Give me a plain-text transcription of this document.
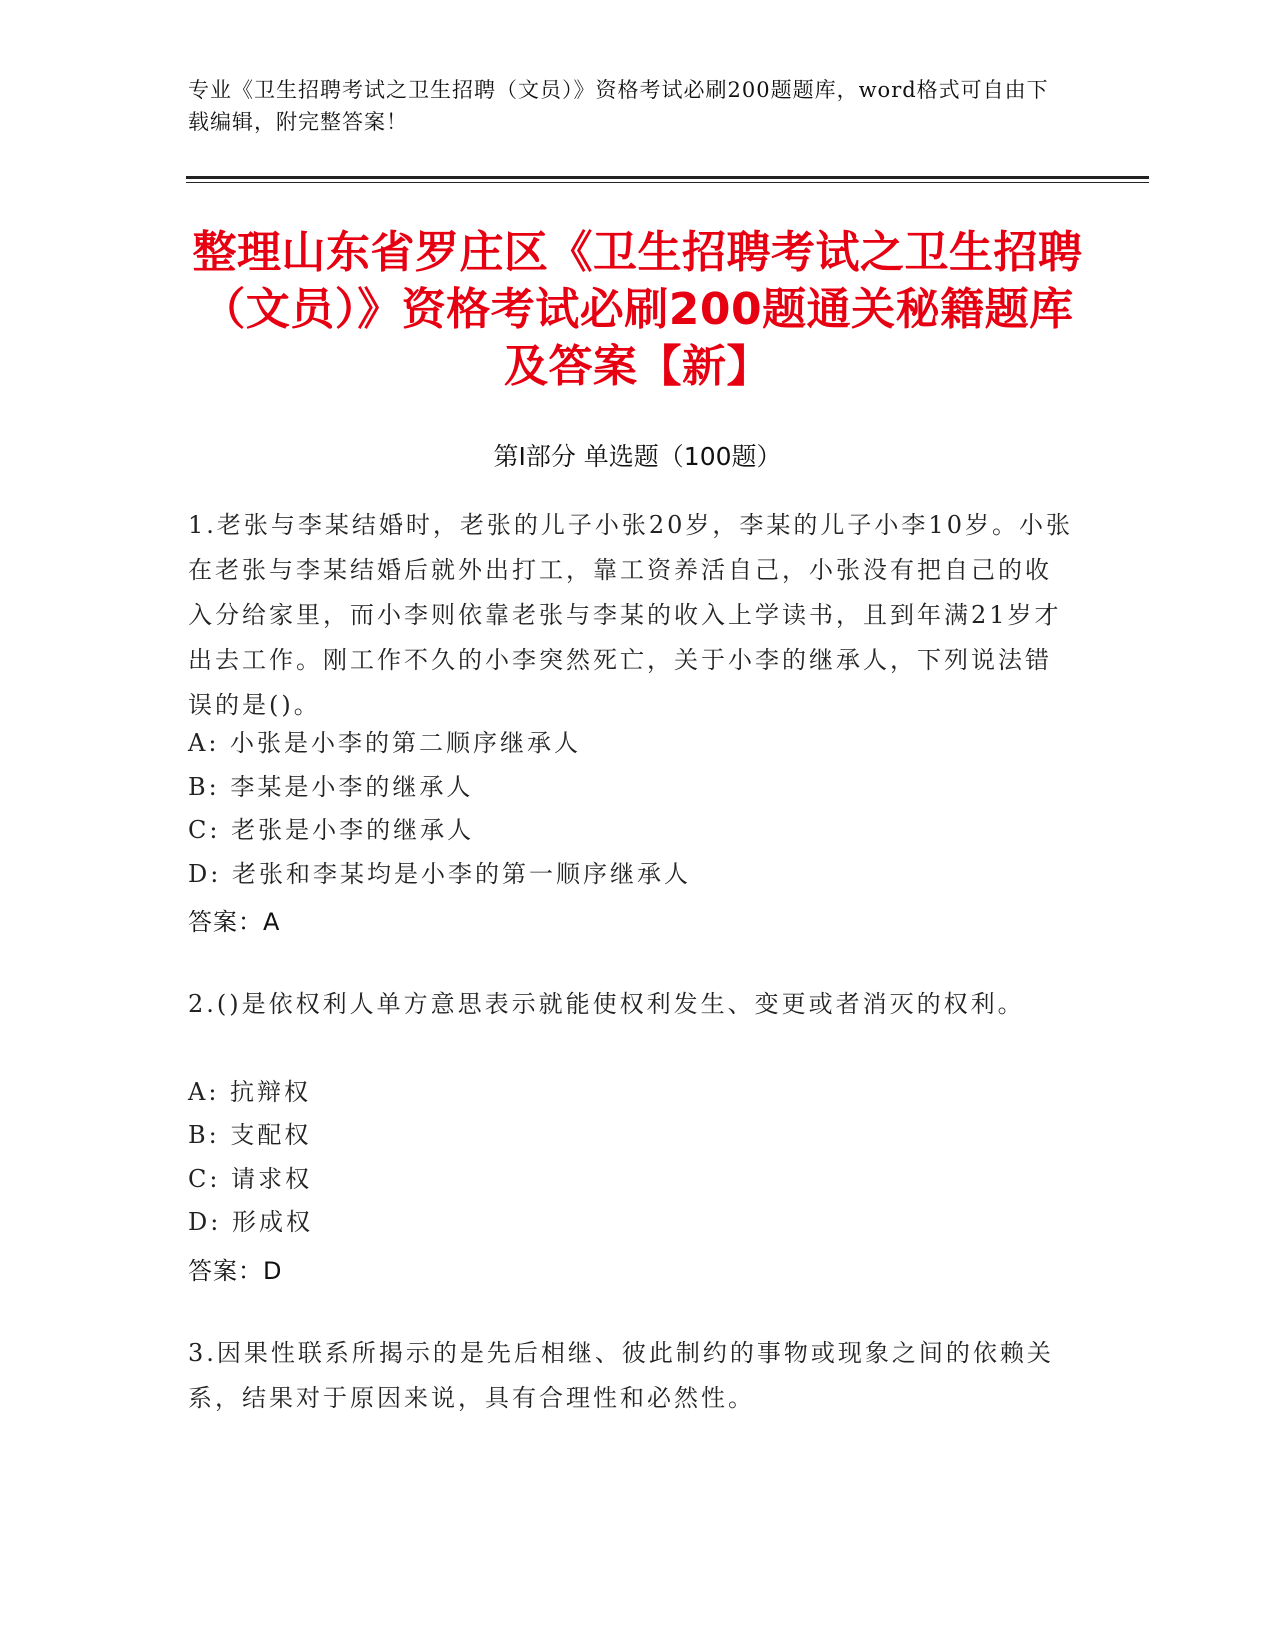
专业《卫生招聘考试之卫生招聘（文员）》资格考试必刷200题题库，word格式可自由下载编辑，附完整答案！
整理山东省罗庄区《卫生招聘考试之卫生招聘（文员）》资格考试必刷200题通关秘籍题库及答案【新】
第Ⅰ部分 单选题（100题）
1.老张与李某结婚时，老张的儿子小张20岁，李某的儿子小李10岁。小张在老张与李某结婚后就外出打工，靠工资养活自己，小张没有把自己的收入分给家里，而小李则依靠老张与李某的收入上学读书，且到年满21岁才出去工作。刚工作不久的小李突然死亡，关于小李的继承人，下列说法错误的是()。
A: 小张是小李的第二顺序继承人
B: 李某是小李的继承人
C: 老张是小李的继承人
D: 老张和李某均是小李的第一顺序继承人
答案：A
2.()是依权利人单方意思表示就能使权利发生、变更或者消灭的权利。
A: 抗辩权
B: 支配权
C: 请求权
D: 形成权
答案：D
3.因果性联系所揭示的是先后相继、彼此制约的事物或现象之间的依赖关系，结果对于原因来说，具有合理性和必然性。
